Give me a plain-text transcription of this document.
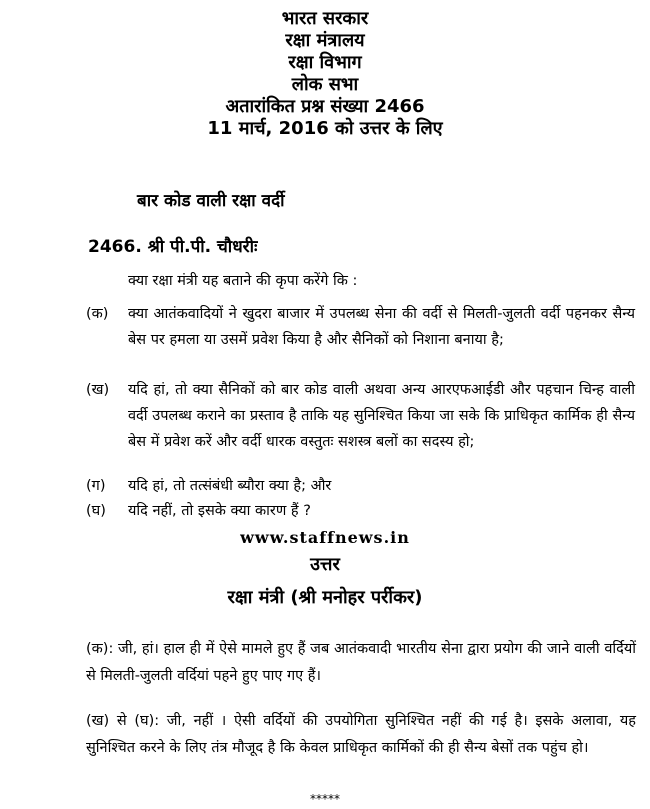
भारत सरकार
रक्षा मंत्रालय
रक्षा विभाग
लोक सभा
अतारांकित प्रश्न संख्या 2466
11 मार्च, 2016 को उत्तर के लिए
बार कोड वाली रक्षा वर्दी
2466. श्री पी.पी. चौधरीः
क्या रक्षा मंत्री यह बताने की कृपा करेंगे कि :
(क) क्या आतंकवादियों ने खुदरा बाजार में उपलब्ध सेना की वर्दी से मिलती-जुलती वर्दी पहनकर सैन्य बेस पर हमला या उसमें प्रवेश किया है और सैनिकों को निशाना बनाया है;
(ख) यदि हां, तो क्या सैनिकों को बार कोड वाली अथवा अन्य आरएफआईडी और पहचान चिन्ह वाली वर्दी उपलब्ध कराने का प्रस्ताव है ताकि यह सुनिश्चित किया जा सके कि प्राधिकृत कार्मिक ही सैन्य बेस में प्रवेश करें और वर्दी धारक वस्तुतः सशस्त्र बलों का सदस्य हो;
(ग) यदि हां, तो तत्संबंधी ब्यौरा क्या है; और
(घ) यदि नहीं, तो इसके क्या कारण हैं ?
www.staffnews.in
उत्तर
रक्षा मंत्री (श्री मनोहर पर्रीकर)
(क): जी, हां। हाल ही में ऐसे मामले हुए हैं जब आतंकवादी भारतीय सेना द्वारा प्रयोग की जाने वाली वर्दियों से मिलती-जुलती वर्दियां पहने हुए पाए गए हैं।
(ख) से (घ): जी, नहीं । ऐसी वर्दियों की उपयोगिता सुनिश्चित नहीं की गई है। इसके अलावा, यह सुनिश्चित करने के लिए तंत्र मौजूद है कि केवल प्राधिकृत कार्मिकों की ही सैन्य बेसों तक पहुंच हो।
*****
